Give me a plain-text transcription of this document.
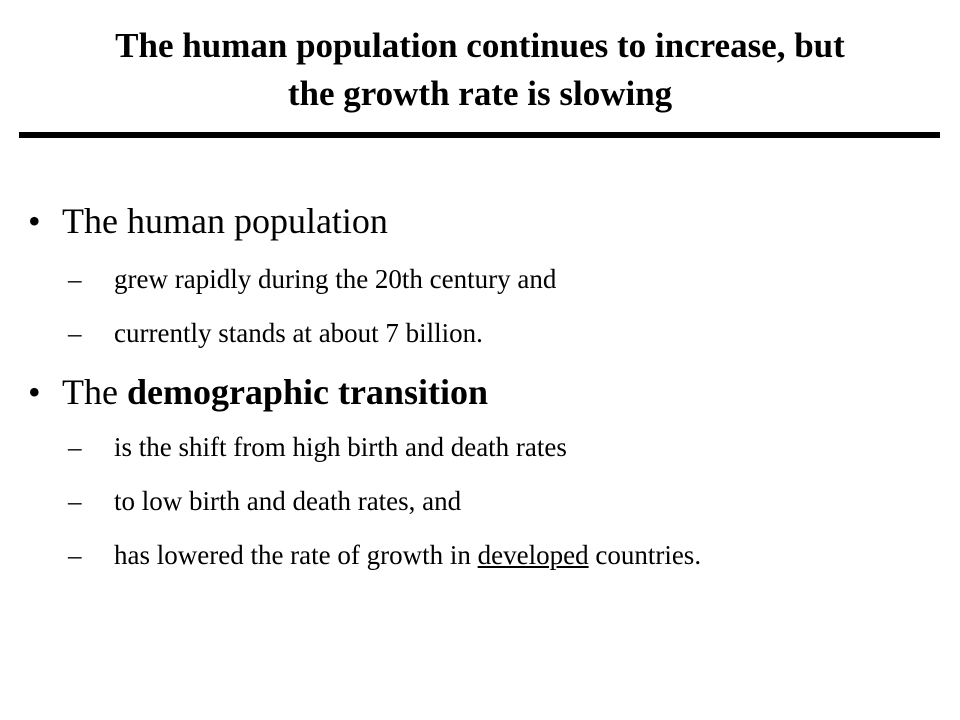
The human population continues to increase, but
the growth rate is slowing
• The human population
– grew rapidly during the 20th century and
– currently stands at about 7 billion.
• The demographic transition
– is the shift from high birth and death rates
– to low birth and death rates, and
– has lowered the rate of growth in developed countries.
